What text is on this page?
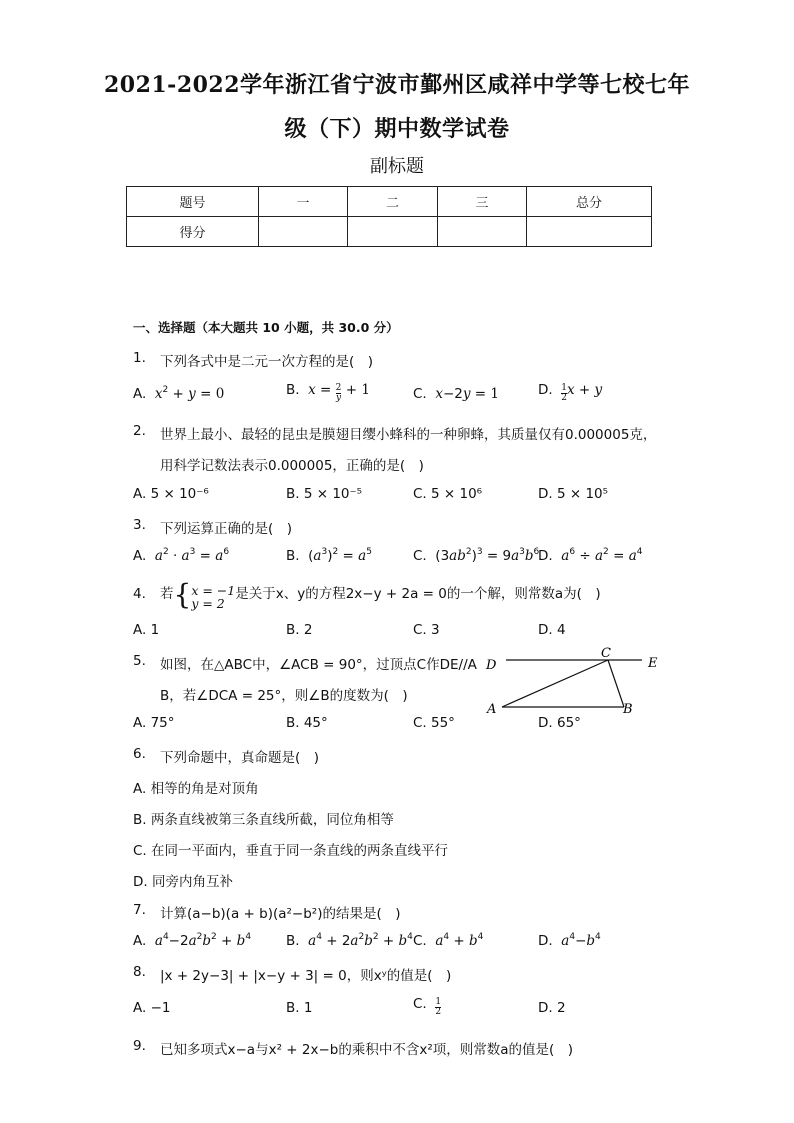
2021-2022学年浙江省宁波市鄞州区咸祥中学等七校七年
级（下）期中数学试卷
副标题
题号	一	二	三	总分
得分				
一、选择题（本大题共 10 小题，共 30.0 分）
1. 下列各式中是二元一次方程的是(　)
A.  $x^2 + y = 0$	B.  $x = \frac{2}{y} + 1$	C.  x−2y = 1	D. $\frac{1}{2}$ x + y
2. 世界上最小、最轻的昆虫是膜翅目缨小蜂科的一种卵蜂，其质量仅有0.000005克，
用科学记数法表示0.000005，正确的是(　)
A. 5 × 10⁻⁶	B. 5 × 10⁻⁵	C. 5 × 10⁶	D. 5 × 10⁵
3. 下列运算正确的是(　)
A.  $a^2 \cdot a^3 = a^6$	B.  $(a^3)^2 = a^5$	C.  $(3ab^2)^3 = 9a^3b^6$
D.  $a^6 \div a^2 = a^4$
4. 若{ x = −1
y = 2
是关于x、y的方程2x−y + 2a = 0的一个解，则常数a为(　)
A. 1	B. 2	C. 3	D. 4
5. 如图，在△ABC中，∠ACB = 90°，过顶点C作DE//A
B，若∠DCA = 25°，则∠B的度数为(　)
A. 75°	B. 45°	C. 55°	D. 65°
D
C
E
A	B
6. 下列命题中，真命题是(　)
A. 相等的角是对顶角
B. 两条直线被第三条直线所截，同位角相等
C. 在同一平面内，垂直于同一条直线的两条直线平行
D. 同旁内角互补
7. 计算(a−b)(a + b)(a²−b²)的结果是(　)
A.  $a^4-2a^2b^2 + b^4$	B.  $a^4 + 2a^2b^2 + b^4$ C.  $a^4 + b^4$	D.  $a^4-b^4$
8. |x + 2y−3| + |x−y + 3| = 0，则xʸ的值是(　)
A. −1	B. 1	C. $\frac{1}{2}$	D. 2
9. 已知多项式x−a与x² + 2x−b的乘积中不含x²项，则常数a的值是(　)
